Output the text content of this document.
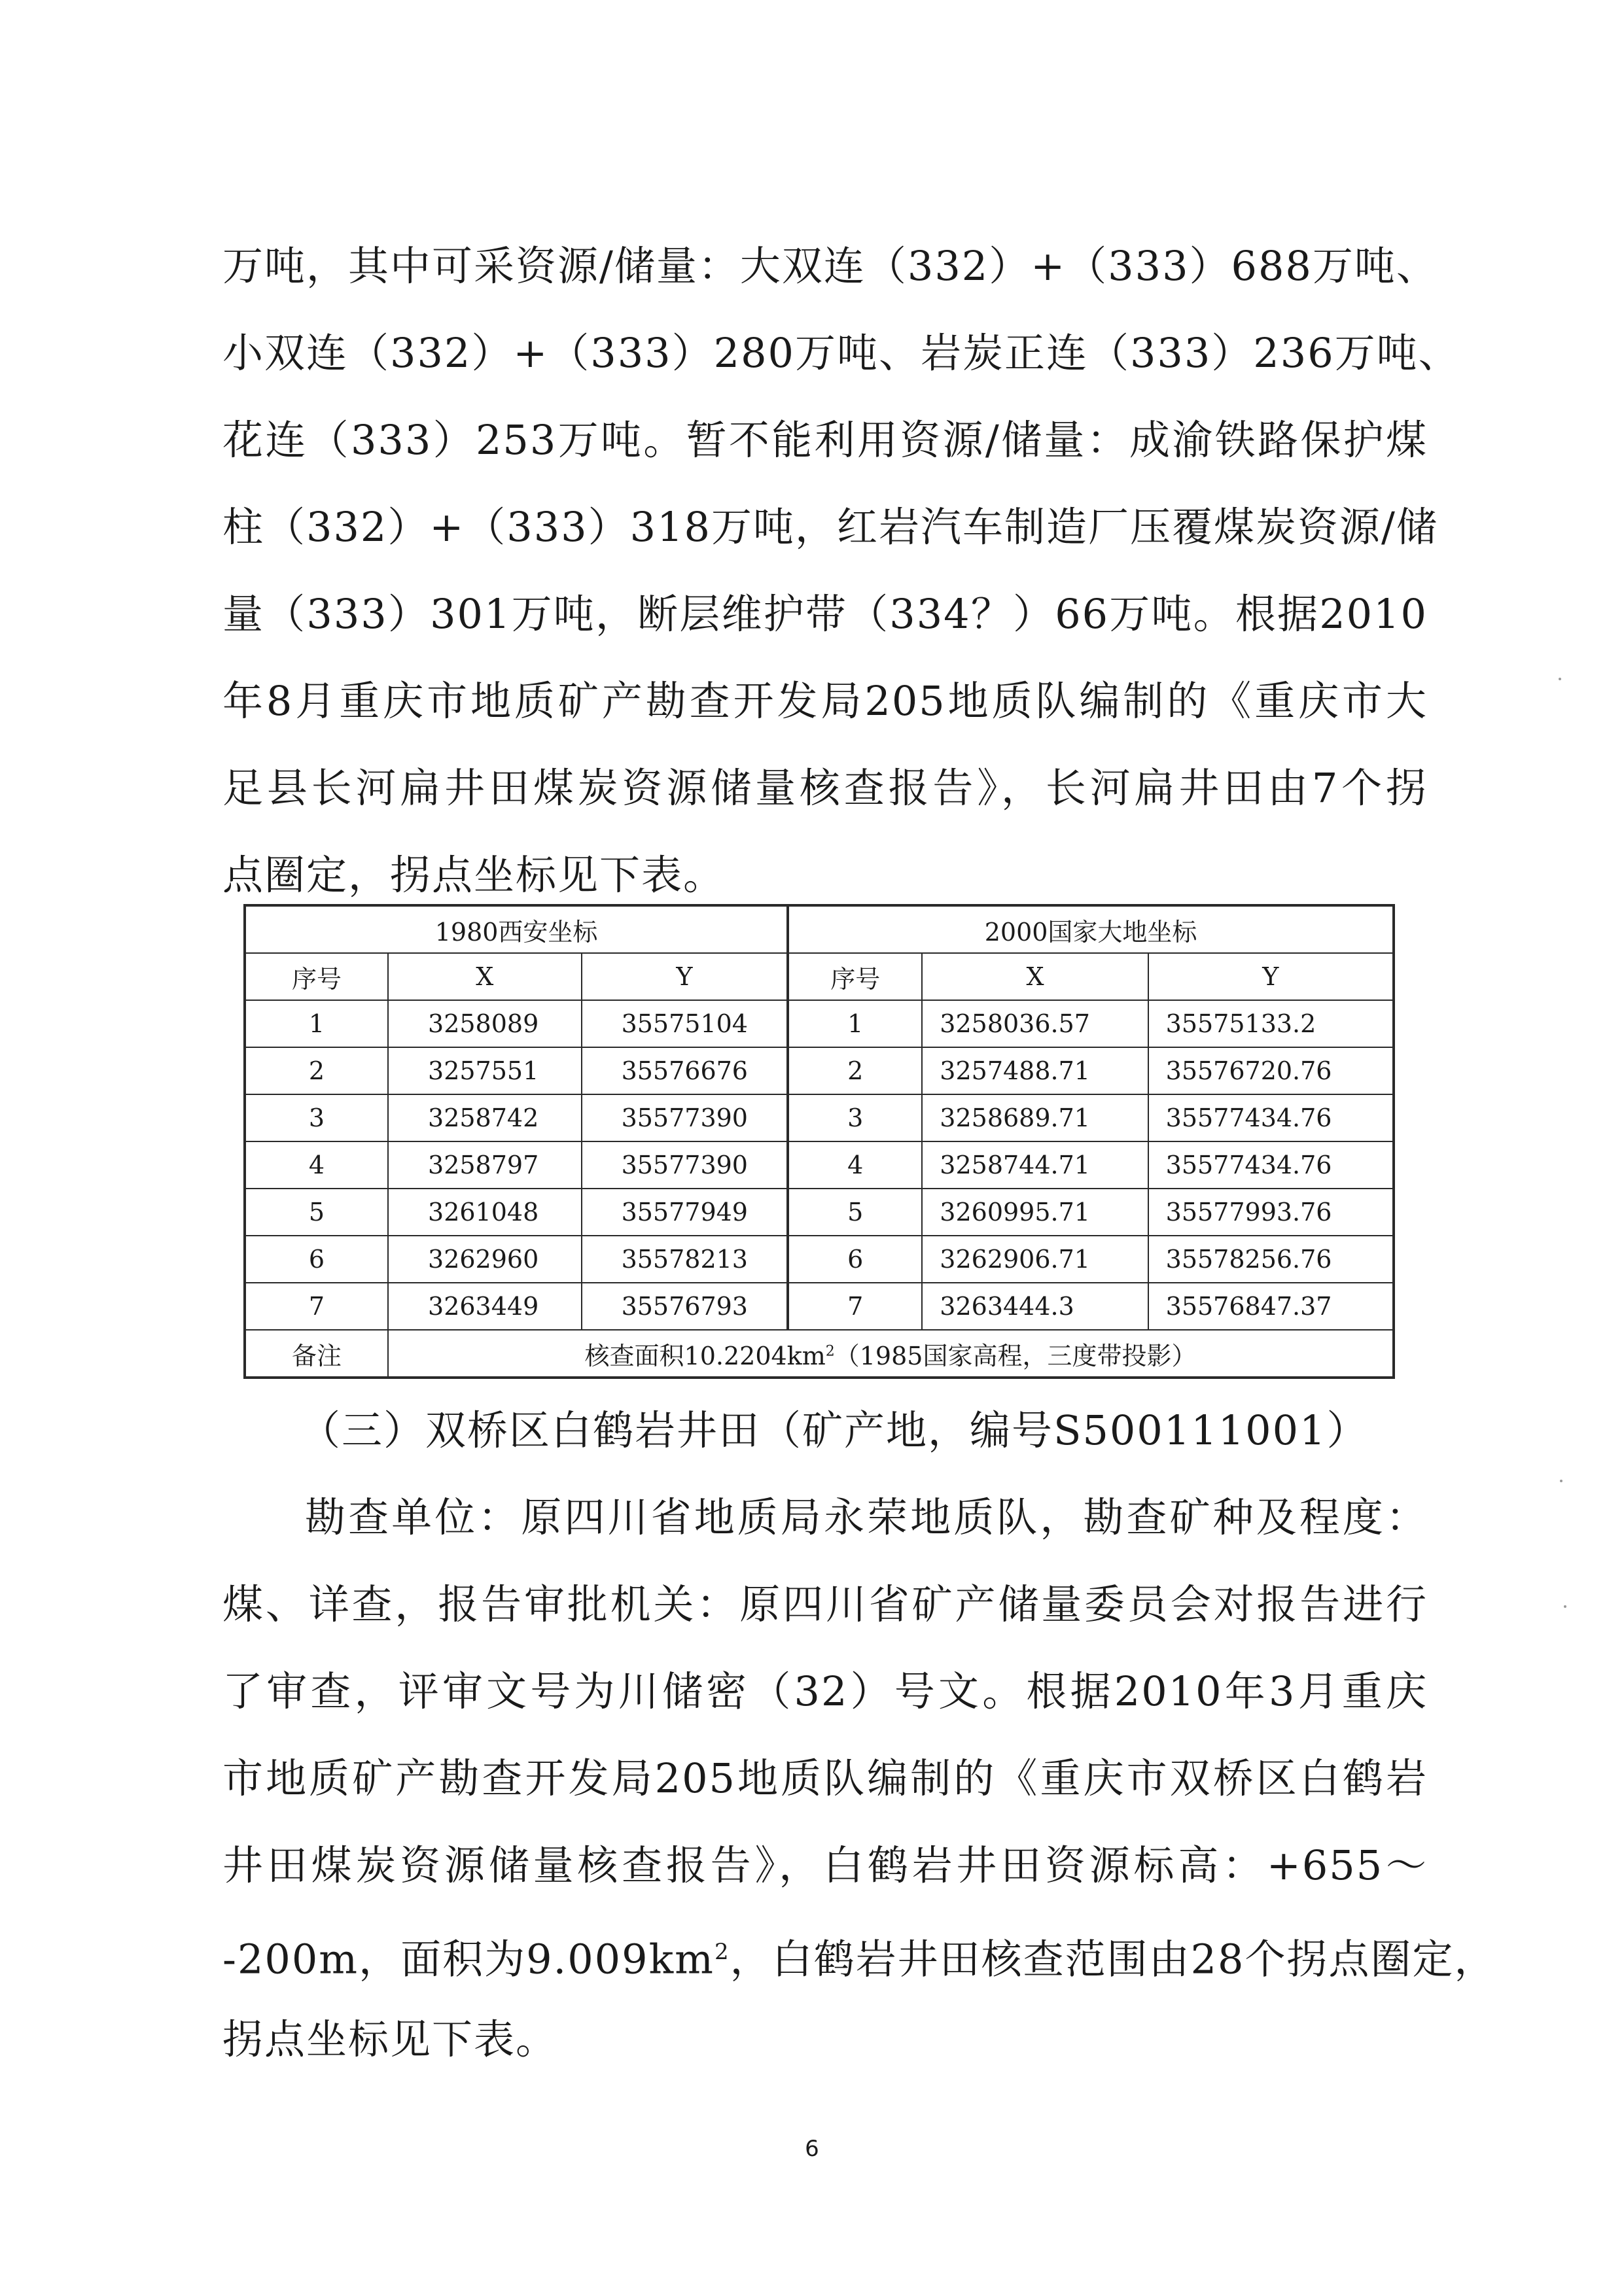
万吨，其中可采资源/储量：大双连（332）+（333）688万吨、
小双连（332）+（333）280万吨、岩炭正连（333）236万吨、
花连（333）253万吨。暂不能利用资源/储量：成渝铁路保护煤
柱（332）+（333）318万吨，红岩汽车制造厂压覆煤炭资源/储
量（333）301万吨，断层维护带（334？）66万吨。根据2010
年8月重庆市地质矿产勘查开发局205地质队编制的《重庆市大
足县长河扁井田煤炭资源储量核查报告》，长河扁井田由7个拐
点圈定，拐点坐标见下表。
1980西安坐标			2000国家大地坐标		
序号	X	Y	序号	X	Y
1	3258089	35575104	1	3258036.57	35575133.2
2	3257551	35576676	2	3257488.71	35576720.76
3	3258742	35577390	3	3258689.71	35577434.76
4	3258797	35577390	4	3258744.71	35577434.76
5	3261048	35577949	5	3260995.71	35577993.76
6	3262960	35578213	6	3262906.71	35578256.76
7	3263449	35576793	7	3263444.3	35576847.37
备注	核查面积$10.2204km^2(1985$国家高程，三度带投影）				
（三）双桥区白鹤岩井田（矿产地，编号S500111001）
勘查单位：原四川省地质局永荣地质队，勘查矿种及程度：
煤、详查，报告审批机关：原四川省矿产储量委员会对报告进行
了审查，评审文号为川储密（32）号文。根据2010年3月重庆
市地质矿产勘查开发局205地质队编制的《重庆市双桥区白鹤岩
井田煤炭资源储量核查报告》，白鹤岩井田资源标高：+655～
-200m，面积为$9.009km^2$，白鹤岩井田核查范围由28个拐点圈定，
拐点坐标见下表。
6
